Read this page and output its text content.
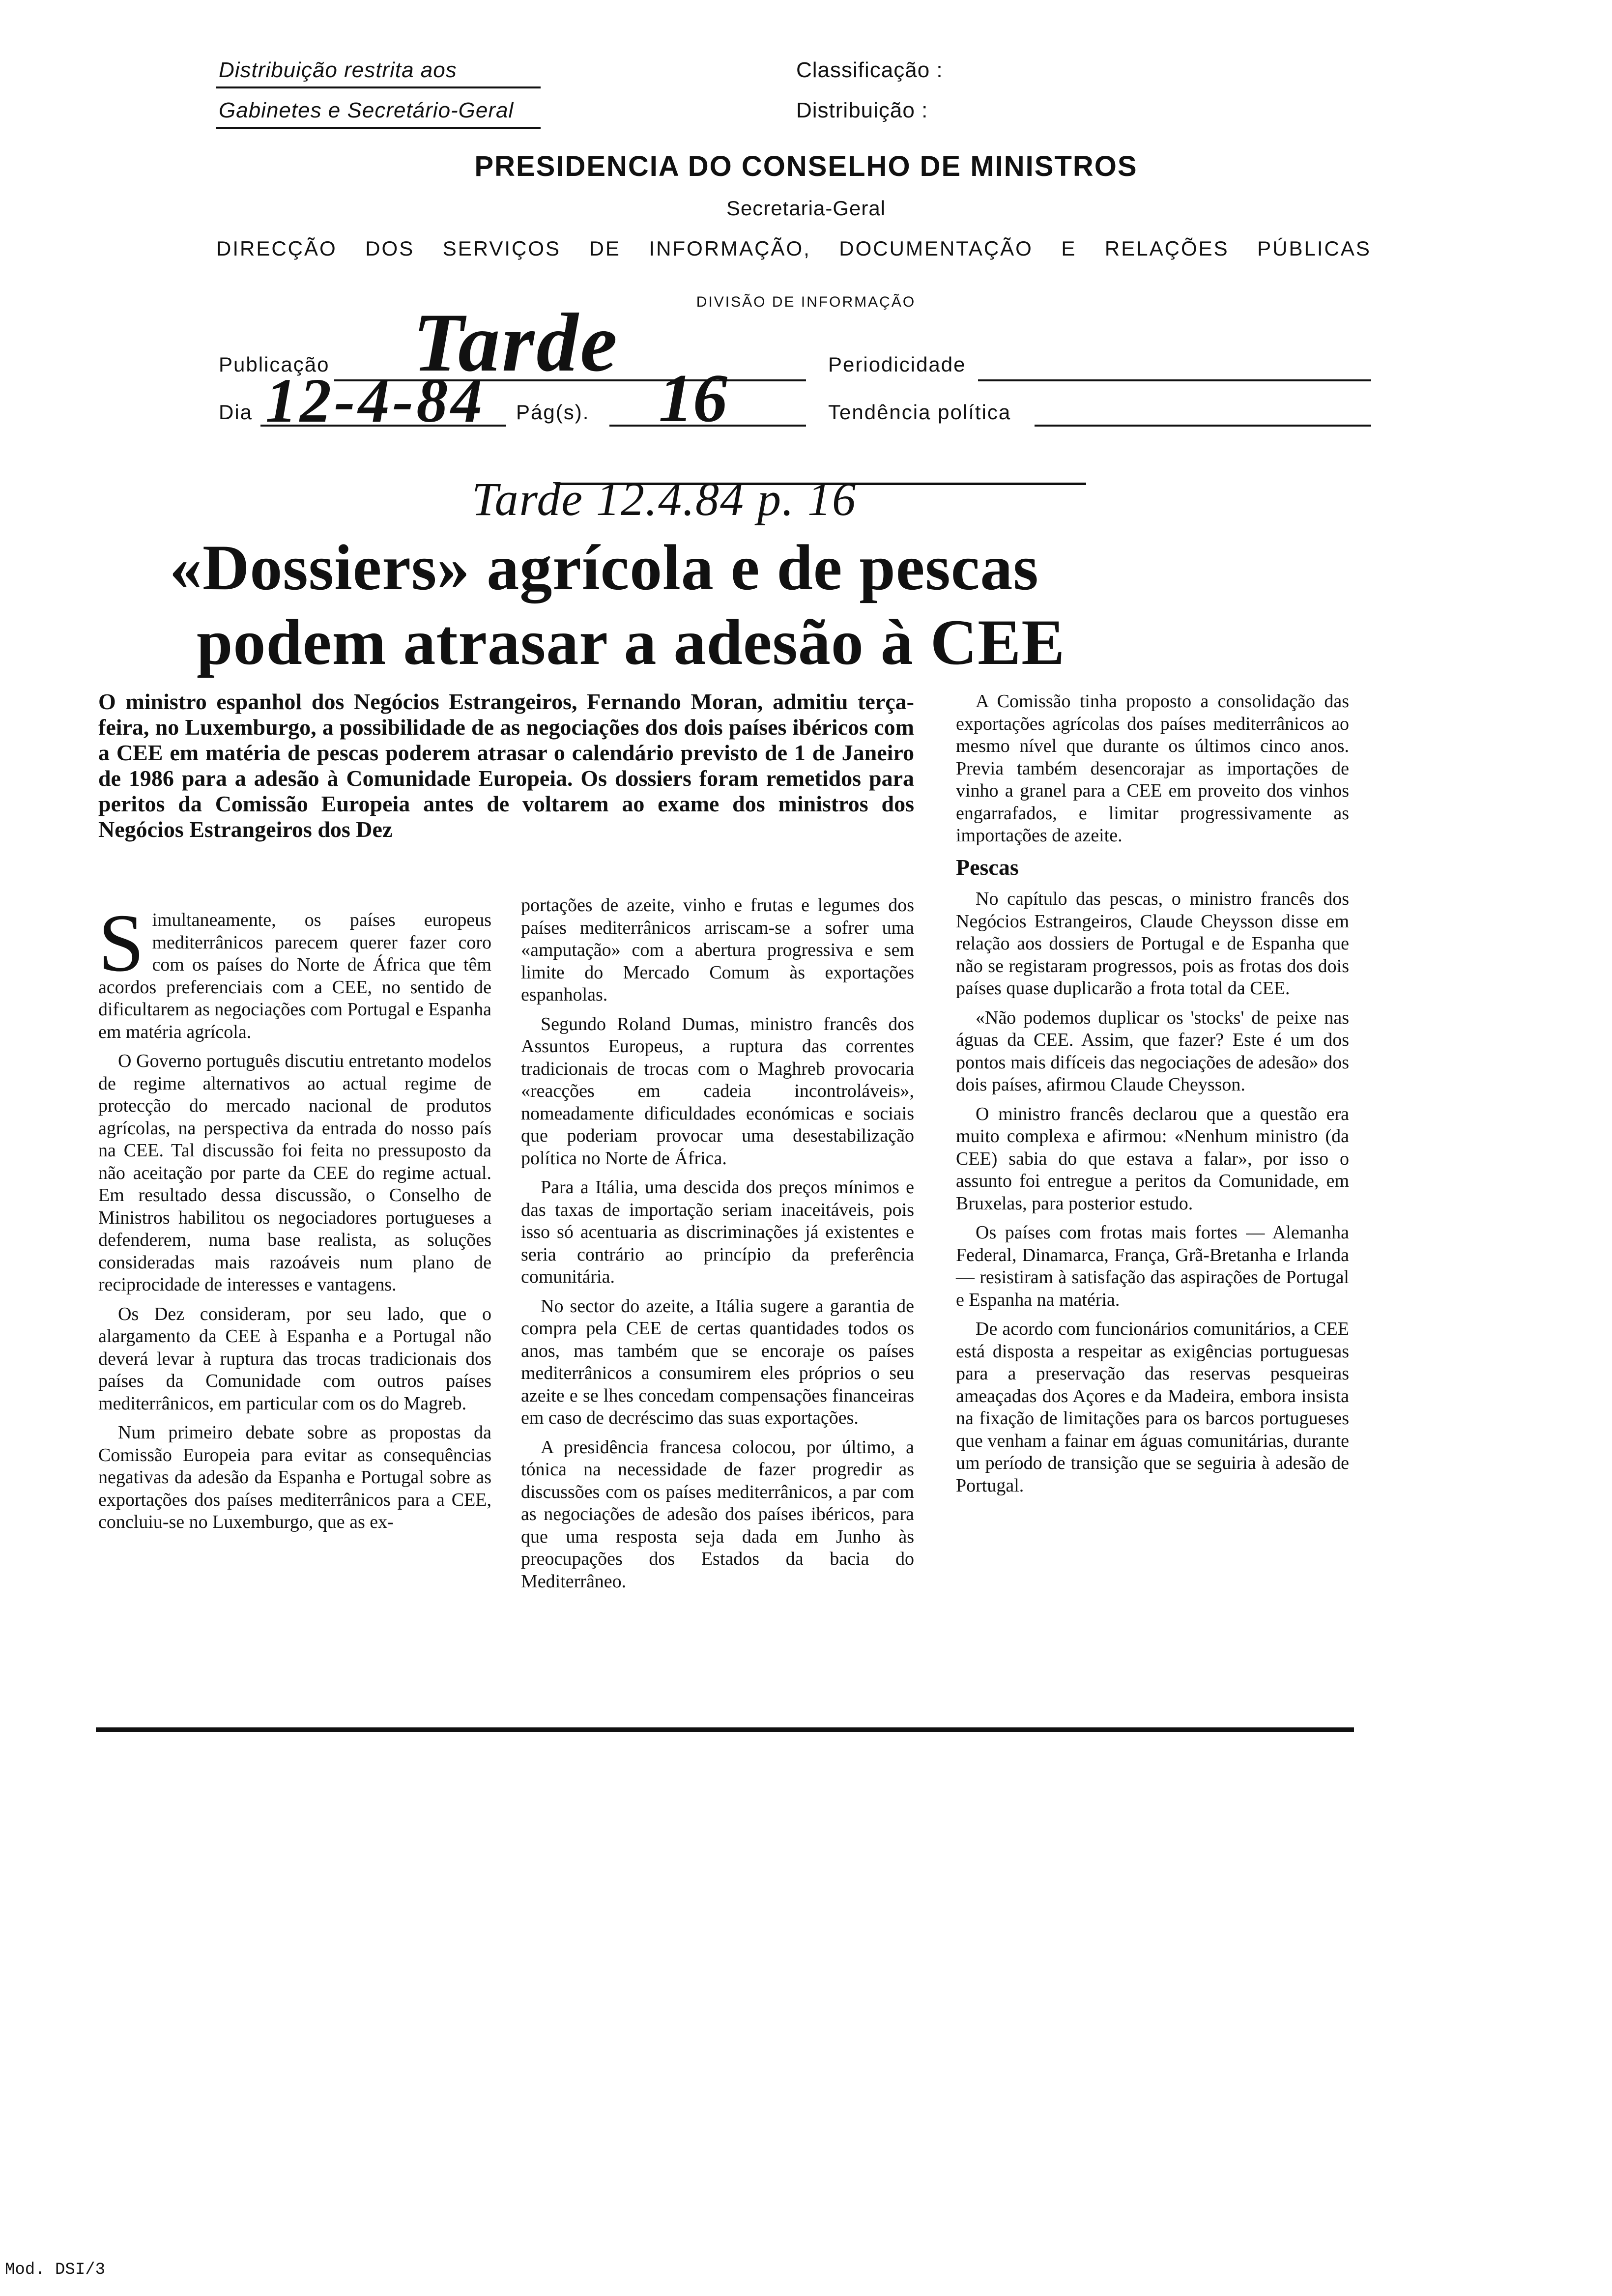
Distribuição restrita aos
Gabinetes e Secretário-Geral
Classificação :
Distribuição :
PRESIDENCIA DO CONSELHO DE MINISTROS
Secretaria-Geral
DIRECÇÃO DOS SERVIÇOS DE INFORMAÇÃO, DOCUMENTAÇÃO E RELAÇÕES PÚBLICAS
DIVISÃO DE INFORMAÇÃO
Publicação Tarde	Periodicidade
Dia 12-4-84 Pág(s). 16	Tendência política
Tarde 12.4.84 p. 16
«Dossiers» agrícola e de pescas
podem atrasar a adesão à CEE
O ministro espanhol dos Negócios Estrangeiros, Fernando Moran, admitiu terça-feira, no Luxemburgo, a possibilidade de as negociações dos dois países ibéricos com a CEE em matéria de pescas poderem atrasar o calendário previsto de 1 de Janeiro de 1986 para a adesão à Comunidade Europeia. Os dossiers foram remetidos para peritos da Comissão Europeia antes de voltarem ao exame dos ministros dos Negócios Estrangeiros dos Dez

Simultaneamente, os países europeus mediterrânicos parecem querer fazer coro com os países do Norte de África que têm acordos preferenciais com a CEE, no sentido de dificultarem as negociações com Portugal e Espanha em matéria agrícola.

O Governo português discutiu entretanto modelos de regime alternativos ao actual regime de protecção do mercado nacional de produtos agrícolas, na perspectiva da entrada do nosso país na CEE. Tal discussão foi feita no pressuposto da não aceitação por parte da CEE do regime actual. Em resultado dessa discussão, o Conselho de Ministros habilitou os negociadores portugueses a defenderem, numa base realista, as soluções consideradas mais razoáveis num plano de reciprocidade de interesses e vantagens.

Os Dez consideram, por seu lado, que o alargamento da CEE à Espanha e a Portugal não deverá levar à ruptura das trocas tradicionais dos países da Comunidade com outros países mediterrânicos, em particular com os do Magreb.

Num primeiro debate sobre as propostas da Comissão Europeia para evitar as consequências negativas da adesão da Espanha e Portugal sobre as exportações dos países mediterrânicos para a CEE, concluiu-se no Luxemburgo, que as ex-

portações de azeite, vinho e frutas e legumes dos países mediterrânicos arriscam-se a sofrer uma «amputação» com a abertura progressiva e sem limite do Mercado Comum às exportações espanholas.

Segundo Roland Dumas, ministro francês dos Assuntos Europeus, a ruptura das correntes tradicionais de trocas com o Maghreb provocaria «reacções em cadeia incontroláveis», nomeadamente dificuldades económicas e sociais que poderiam provocar uma desestabilização política no Norte de África.

Para a Itália, uma descida dos preços mínimos e das taxas de importação seriam inaceitáveis, pois isso só acentuaria as discriminações já existentes e seria contrário ao princípio da preferência comunitária.

No sector do azeite, a Itália sugere a garantia de compra pela CEE de certas quantidades todos os anos, mas também que se encoraje os países mediterrânicos a consumirem eles próprios o seu azeite e se lhes concedam compensações financeiras em caso de decréscimo das suas exportações.

A presidência francesa colocou, por último, a tónica na necessidade de fazer progredir as discussões com os países mediterrânicos, a par com as negociações de adesão dos países ibéricos, para que uma resposta seja dada em Junho às preocupações dos Estados da bacia do Mediterrâneo.

A Comissão tinha proposto a consolidação das exportações agrícolas dos países mediterrânicos ao mesmo nível que durante os últimos cinco anos. Previa também desencorajar as importações de vinho a granel para a CEE em proveito dos vinhos engarrafados, e limitar progressivamente as importações de azeite.

Pescas

No capítulo das pescas, o ministro francês dos Negócios Estrangeiros, Claude Cheysson disse em relação aos dossiers de Portugal e de Espanha que não se registaram progressos, pois as frotas dos dois países quase duplicarão a frota total da CEE.

«Não podemos duplicar os 'stocks' de peixe nas águas da CEE. Assim, que fazer? Este é um dos pontos mais difíceis das negociações de adesão» dos dois países, afirmou Claude Cheysson.

O ministro francês declarou que a questão era muito complexa e afirmou: «Nenhum ministro (da CEE) sabia do que estava a falar», por isso o assunto foi entregue a peritos da Comunidade, em Bruxelas, para posterior estudo.

Os países com frotas mais fortes — Alemanha Federal, Dinamarca, França, Grã-Bretanha e Irlanda — resistiram à satisfação das aspirações de Portugal e Espanha na matéria.

De acordo com funcionários comunitários, a CEE está disposta a respeitar as exigências portuguesas para a preservação das reservas pesqueiras ameaçadas dos Açores e da Madeira, embora insista na fixação de limitações para os barcos portugueses que venham a fainar em águas comunitárias, durante um período de transição que se seguiria à adesão de Portugal.

Mod. DSI/3
